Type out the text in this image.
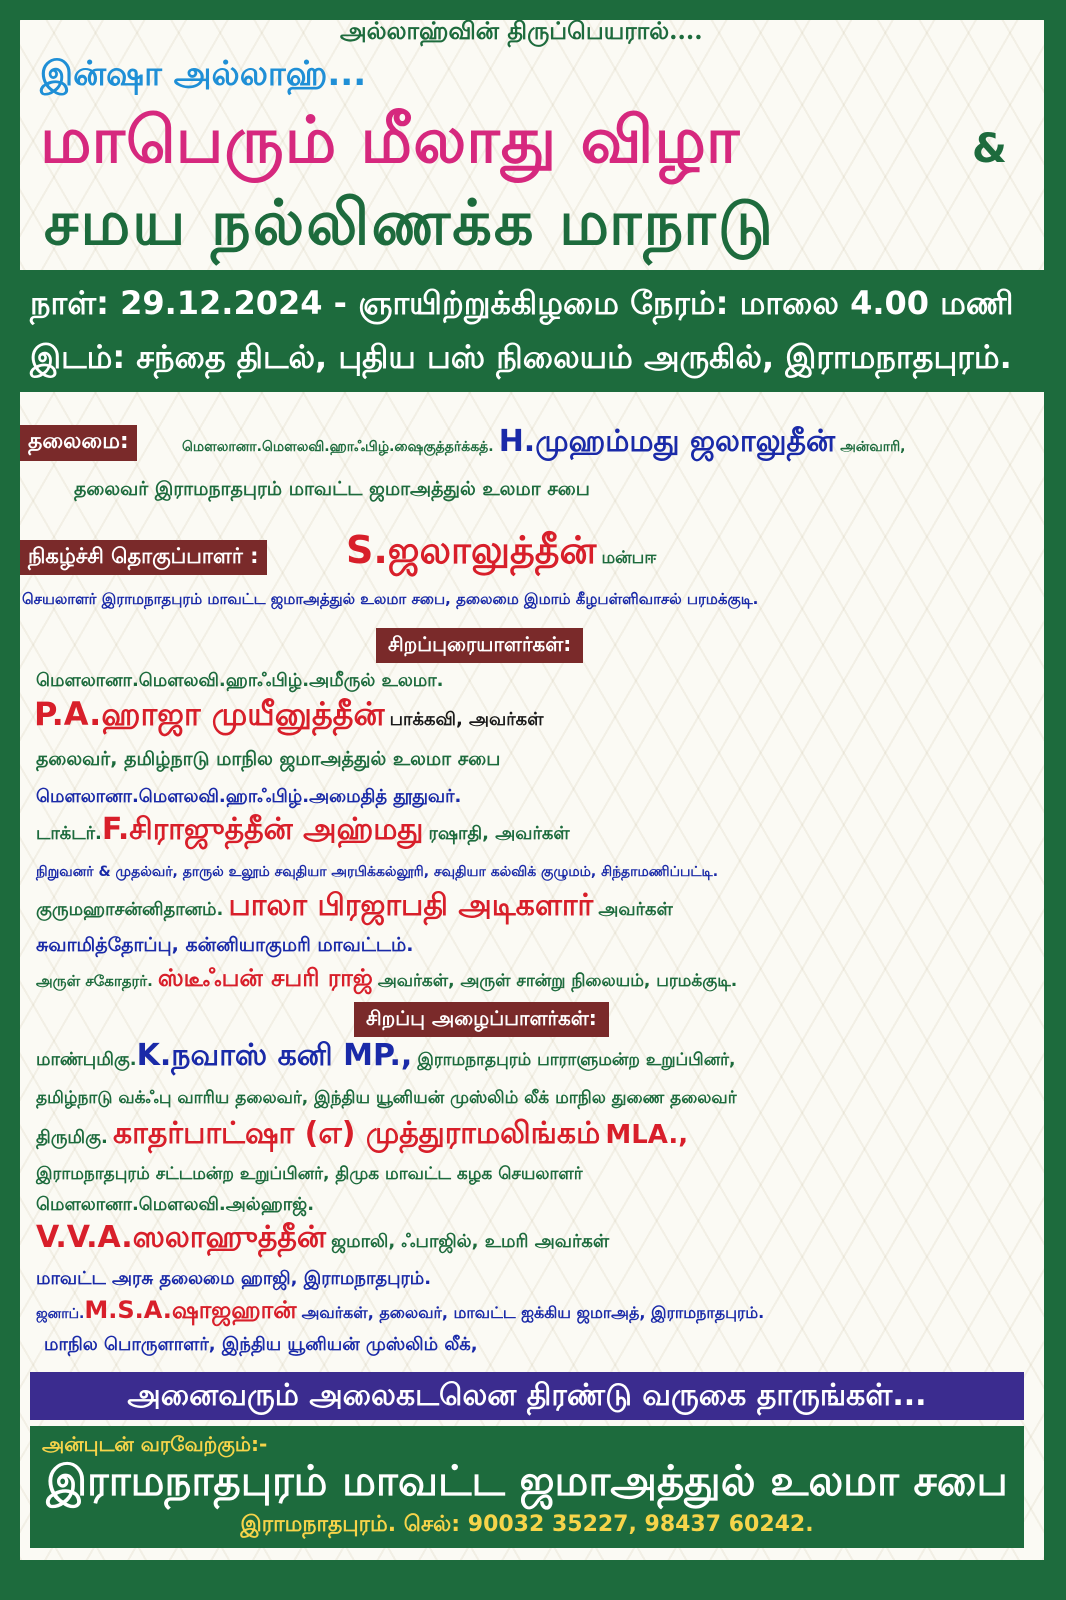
அல்லாஹ்வின் திருப்பெயரால்....
இன்ஷா அல்லாஹ்...
மாபெரும் மீலாது விழா	&
சமய நல்லிணக்க மாநாடு
நாள்: 29.12.2024 - ஞாயிற்றுக்கிழமை நேரம்: மாலை 4.00 மணி
இடம்: சந்தை திடல், புதிய பஸ் நிலையம் அருகில், இராமநாதபுரம்.
தலைமை:	மௌலானா.மௌலவி.ஹாஃபிழ்.ஷைகுத்தர்க்கத். H.முஹம்மது ஜலாலுதீன் அன்வாரி,
தலைவர் இராமநாதபுரம் மாவட்ட ஜமாஅத்துல் உலமா சபை
நிகழ்ச்சி தொகுப்பாளர் : S.ஜலாலுத்தீன் மன்பஈ
செயலாளர் இராமநாதபுரம் மாவட்ட ஜமாஅத்துல் உலமா சபை, தலைமை இமாம் கீழபள்ளிவாசல் பரமக்குடி.
சிறப்புரையாளர்கள்:
மௌலானா.மௌலவி.ஹாஃபிழ்.அமீருல் உலமா.
P.A.ஹாஜா முயீனுத்தீன் பாக்கவி, அவர்கள்
தலைவர், தமிழ்நாடு மாநில ஜமாஅத்துல் உலமா சபை
மௌலானா.மௌலவி.ஹாஃபிழ்.அமைதித் தூதுவர்.
டாக்டர்.F.சிராஜுத்தீன் அஹ்மது ரஷாதி, அவர்கள்
நிறுவனர் & முதல்வர், தாருல் உலூம் சவுதியா அரபிக்கல்லூரி, சவுதியா கல்விக் குழுமம், சிந்தாமணிப்பட்டி.
குருமஹாசன்னிதானம். பாலா பிரஜாபதி அடிகளார் அவர்கள்
சுவாமித்தோப்பு, கன்னியாகுமரி மாவட்டம்.
அருள் சகோதரர். ஸ்டீஃபன் சபரி ராஜ் அவர்கள், அருள் சான்று நிலையம், பரமக்குடி.
சிறப்பு அழைப்பாளர்கள்:
மாண்புமிகு.K.நவாஸ் கனி MP., இராமநாதபுரம் பாராளுமன்ற உறுப்பினர்,
தமிழ்நாடு வக்ஃபு வாரிய தலைவர், இந்திய யூனியன் முஸ்லிம் லீக் மாநில துணை தலைவர்
திருமிகு. காதர்பாட்ஷா (எ) முத்துராமலிங்கம் MLA.,
இராமநாதபுரம் சட்டமன்ற உறுப்பினர், திமுக மாவட்ட கழக செயலாளர்
மௌலானா.மௌலவி.அல்ஹாஜ்.
V.V.A.ஸலாஹுத்தீன் ஜமாலி, ஃபாஜில், உமரி அவர்கள்
மாவட்ட அரசு தலைமை ஹாஜி, இராமநாதபுரம்.
ஜனாப்.M.S.A.ஷாஜஹான் அவர்கள், தலைவர், மாவட்ட ஐக்கிய ஜமாஅத், இராமநாதபுரம்.
மாநில பொருளாளர், இந்திய யூனியன் முஸ்லிம் லீக்,
அனைவரும் அலைகடலென திரண்டு வருகை தாருங்கள்...
அன்புடன் வரவேற்கும்:-
இராமநாதபுரம் மாவட்ட ஜமாஅத்துல் உலமா சபை
இராமநாதபுரம். செல்: 90032 35227, 98437 60242.
